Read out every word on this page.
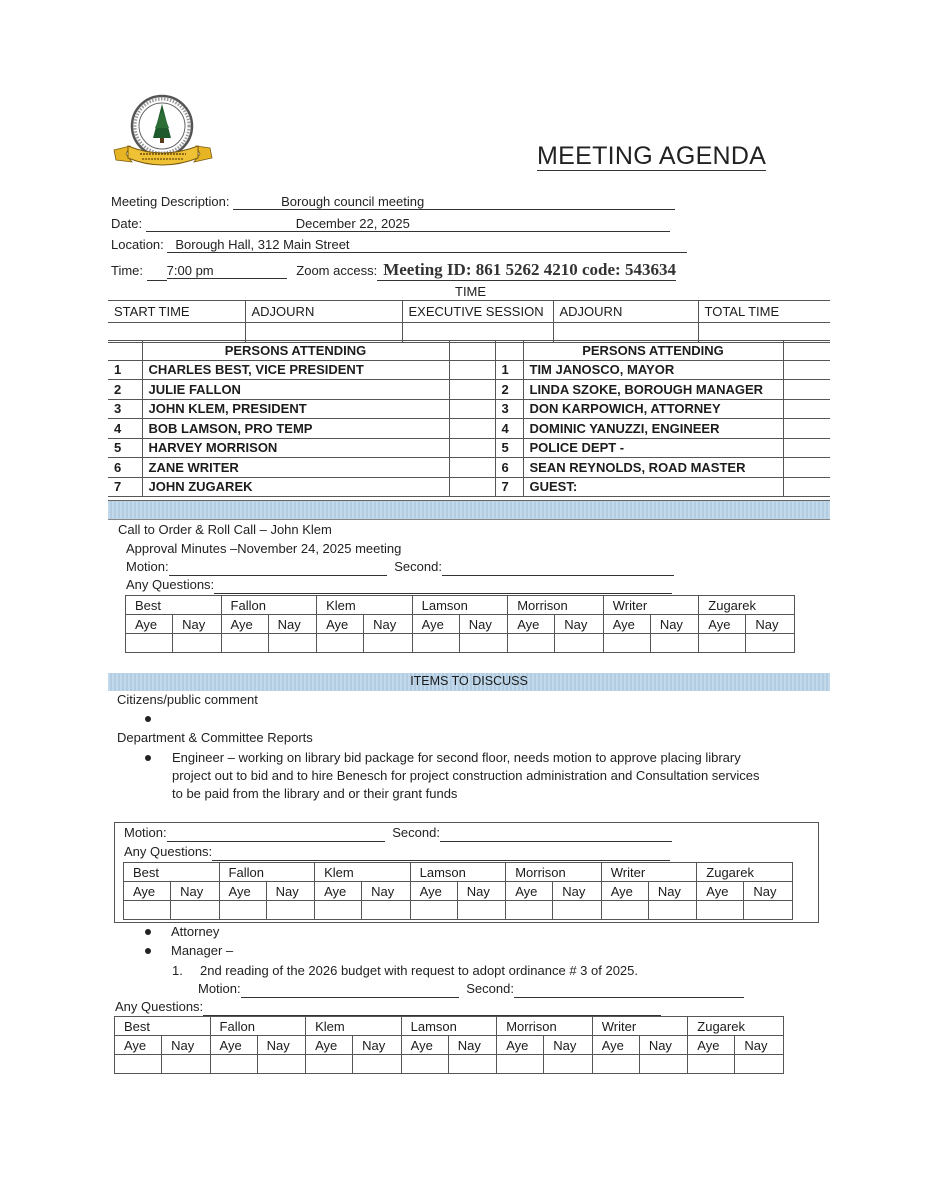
MEETING AGENDA
Meeting Description:	Borough council meeting
Date:	December 22, 2025
Location: Borough Hall, 312 Main Street
Time: 7:00 pm	Zoom access: Meeting ID: 861 5262 4210 code: 543634
TIME
START TIME	ADJOURN	EXECUTIVE SESSION	ADJOURN	TOTAL TIME

	PERSONS ATTENDING			PERSONS ATTENDING	
1	CHARLES BEST, VICE PRESIDENT		1	TIM JANOSCO, MAYOR	
2	JULIE FALLON		2	LINDA SZOKE, BOROUGH MANAGER	
3	JOHN KLEM, PRESIDENT		3	DON KARPOWICH, ATTORNEY	
4	BOB LAMSON, PRO TEMP		4	DOMINIC YANUZZI, ENGINEER	
5	HARVEY MORRISON		5	POLICE DEPT -	
6	ZANE WRITER		6	SEAN REYNOLDS, ROAD MASTER	
7	JOHN ZUGAREK		7	GUEST:	
Call to Order & Roll Call – John Klem
Approval Minutes –November 24, 2025 meeting
Motion:	Second:
Any Questions:
Best		Fallon		Klem		Lamson		Morrison		Writer		Zugarek	
Aye	Nay	Aye	Nay	Aye	Nay	Aye	Nay	Aye	Nay	Aye	Nay	Aye	Nay

ITEMS TO DISCUSS
Citizens/public comment
Department & Committee Reports
Engineer – working on library bid package for second floor, needs motion to approve placing library
project out to bid and to hire Benesch for project construction administration and Consultation services
to be paid from the library and or their grant funds
Motion:	Second:
Any Questions:
Best		Fallon		Klem		Lamson		Morrison		Writer		Zugarek	
Aye	Nay	Aye	Nay	Aye	Nay	Aye	Nay	Aye	Nay	Aye	Nay	Aye	Nay

Attorney
Manager –
1. 2nd reading of the 2026 budget with request to adopt ordinance # 3 of 2025.
Motion:	Second:
Any Questions:
Best		Fallon		Klem		Lamson		Morrison		Writer		Zugarek	
Aye	Nay	Aye	Nay	Aye	Nay	Aye	Nay	Aye	Nay	Aye	Nay	Aye	Nay
